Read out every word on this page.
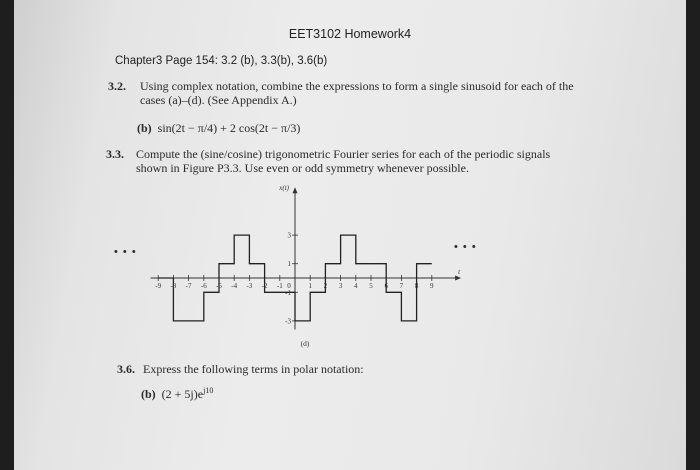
EET3102 Homework4
Chapter3 Page 154: 3.2 (b), 3.3(b), 3.6(b)
3.2. Using complex notation, combine the expressions to form a single sinusoid for each of the
cases (a)–(d). (See Appendix A.)
(b) sin(2t − π/4) + 2 cos(2t − π/3)
3.3. Compute the (sine/cosine) trigonometric Fourier series for each of the periodic signals
shown in Figure P3.3. Use even or odd symmetry whenever possible.
-9 -8 -7 -6 -5 -4 -3 -2 -1 0	1 2 3 4 5 6 7 8 9
3
1
-1
-3
x(t)
t
(d)
• • •	• • •
3.6. Express the following terms in polar notation:
(b) $(2 + 5j)e^{j10}$
